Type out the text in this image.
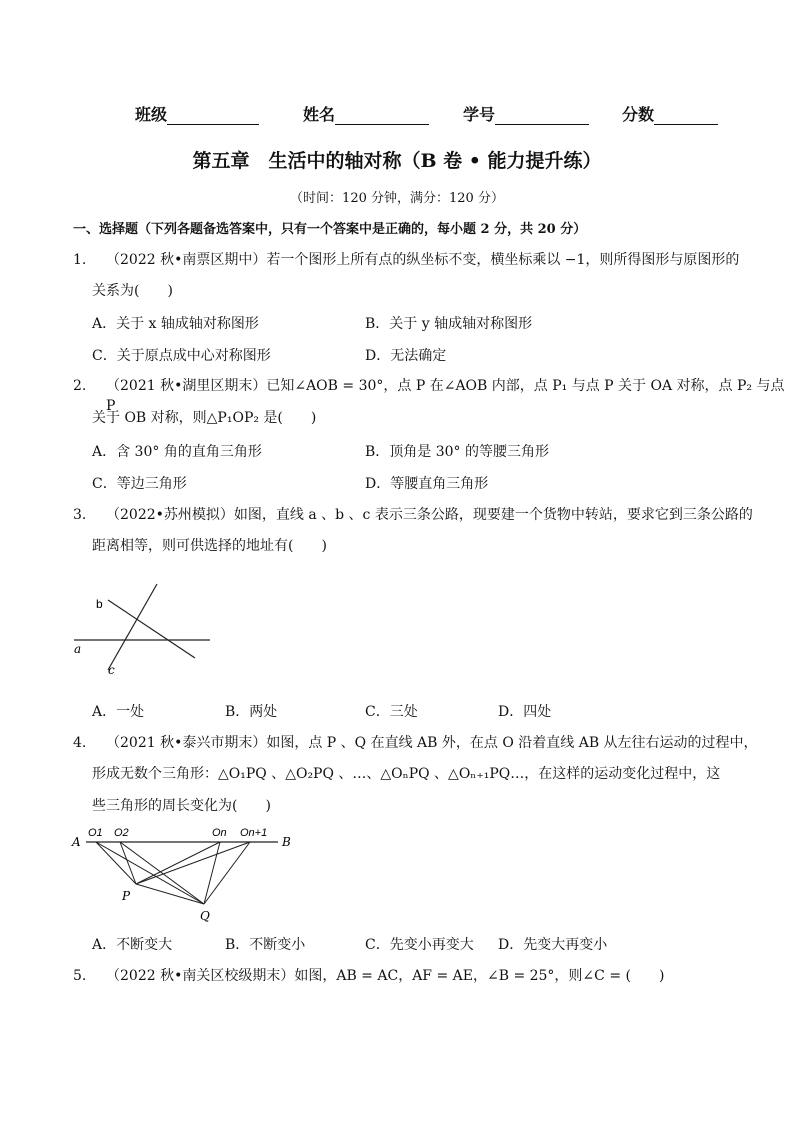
班级	姓名	学号	分数
第五章　生活中的轴对称（B 卷 • 能力提升练）
（时间：120 分钟，满分：120 分）
一、选择题（下列各题备选答案中，只有一个答案中是正确的，每小题 2 分，共 20 分）
1. （2022 秋•南票区期中）若一个图形上所有点的纵坐标不变，横坐标乘以 −1，则所得图形与原图形的
关系为(　　)
A．关于 x 轴成轴对称图形	B．关于 y 轴成轴对称图形
C．关于原点成中心对称图形	D．无法确定
2. （2021 秋•湖里区期末）已知∠AOB = 30°，点 P 在∠AOB 内部，点 P₁ 与点 P 关于 OA 对称，点 P₂ 与点 P
关于 OB 对称，则△P₁OP₂ 是(　　)
A．含 30° 角的直角三角形	B．顶角是 30° 的等腰三角形
C．等边三角形	D．等腰直角三角形
3. （2022•苏州模拟）如图，直线 a 、b 、c 表示三条公路，现要建一个货物中转站，要求它到三条公路的
距离相等，则可供选择的地址有(　　)
b
a
c
A．一处	B．两处	C．三处	D．四处
4. （2021 秋•泰兴市期末）如图，点 P 、Q 在直线 AB 外，在点 O 沿着直线 AB 从左往右运动的过程中，
形成无数个三角形：△O₁PQ 、△O₂PQ 、…、△OₙPQ 、△Oₙ₊₁PQ…，在这样的运动变化过程中，这
些三角形的周长变化为(　　)
A
O1 O2	On On+1
B
P
Q
A．不断变大	B．不断变小	C．先变小再变大 D．先变大再变小
5. （2022 秋•南关区校级期末）如图，AB = AC，AF = AE，∠B = 25°，则∠C = (　　)
